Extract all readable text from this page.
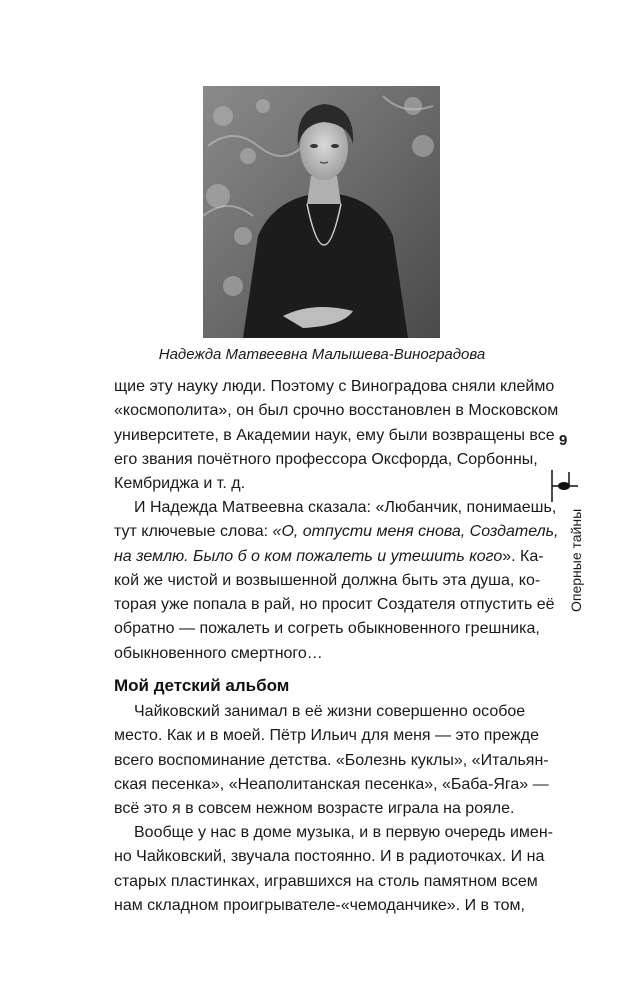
Надежда Матвеевна Малышева-Виноградова
щие эту науку люди. Поэтому с Виноградова сняли клеймо
«космополита», он был срочно восстановлен в Московском
университете, в Академии наук, ему были возвращены все
его звания почётного профессора Оксфорда, Сорбонны,
Кембриджа и т. д.
И Надежда Матвеевна сказала: «Любанчик, понимаешь,
тут ключевые слова: «О, отпусти меня снова, Создатель,
на землю. Было б о ком пожалеть и утешить кого». Ка-
кой же чистой и возвышенной должна быть эта душа, ко-
торая уже попала в рай, но просит Создателя отпустить её
обратно — пожалеть и согреть обыкновенного грешника,
обыкновенного смертного…
Мой детский альбом
Чайковский занимал в её жизни совершенно особое
место. Как и в моей. Пётр Ильич для меня — это прежде
всего воспоминание детства. «Болезнь куклы», «Итальян-
ская песенка», «Неаполитанская песенка», «Баба-Яга» —
всё это я в совсем нежном возрасте играла на рояле.
Вообще у нас в доме музыка, и в первую очередь имен-
но Чайковский, звучала постоянно. И в радиоточках. И на
старых пластинках, игравшихся на столь памятном всем
нам складном проигрывателе-«чемоданчике». И в том,
9
Оперные тайны
